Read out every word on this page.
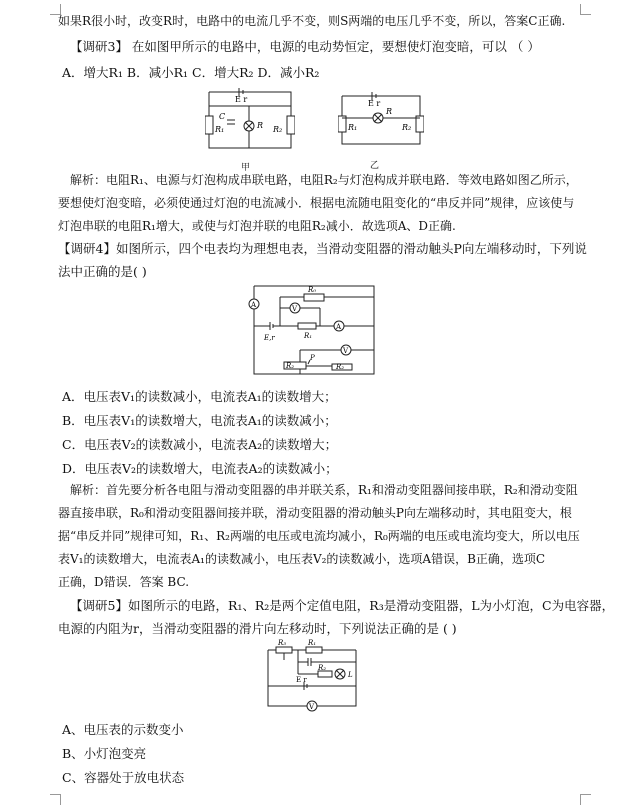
如果R很小时，改变R时，电路中的电流几乎不变，则S两端的电压几乎不变，所以，答案C正确.
【调研3】 在如图甲所示的电路中，电源的电动势恒定，要想使灯泡变暗，可以 （ ）
A．增大R₁ B．减小R₁ C．增大R₂ D．减小R₂
E r
C
R
R₁	R₂
甲
E r
R
R₁	R₂
乙
解析：电阻R₁、电源与灯泡构成串联电路，电阻R₂与灯泡构成并联电路．等效电路如图乙所示，
要想使灯泡变暗，必须使通过灯泡的电流减小．根据电流随电阻变化的“串反并同”规律，应该使与
灯泡串联的电阻R₁增大，或使与灯泡并联的电阻R₂减小．故选项A、D正确.
【调研4】如图所示，四个电表均为理想电表，当滑动变阻器的滑动触头P向左端移动时，下列说
法中正确的是( )
A	V
R₀
A
E,r	R₁
V
R₂
P
R₂
A．电压表V₁的读数减小，电流表A₁的读数增大；
B．电压表V₁的读数增大，电流表A₁的读数减小；
C．电压表V₂的读数减小，电流表A₂的读数增大；
D．电压表V₂的读数增大，电流表A₂的读数减小；
解析：首先要分析各电阻与滑动变阻器的串并联关系，R₁和滑动变阻器间接串联，R₂和滑动变阻
器直接串联，R₀和滑动变阻器间接并联，滑动变阻器的滑动触头P向左端移动时，其电阻变大，根
据“串反并同”规律可知，R₁、R₂两端的电压或电流均减小，R₀两端的电压或电流均变大，所以电压
表V₁的读数增大，电流表A₁的读数减小，电压表V₂的读数减小，选项A错误，B正确，选项C
正确，D错误．答案 BC.
【调研5】如图所示的电路，R₁、R₂是两个定值电阻，R₃是滑动变阻器，L为小灯泡，C为电容器，
电源的内阻为r，当滑动变阻器的滑片向左移动时，下列说法正确的是 ( )
R₃	R₁
R₂
L
E r
V
A、电压表的示数变小
B、小灯泡变亮
C、容器处于放电状态
